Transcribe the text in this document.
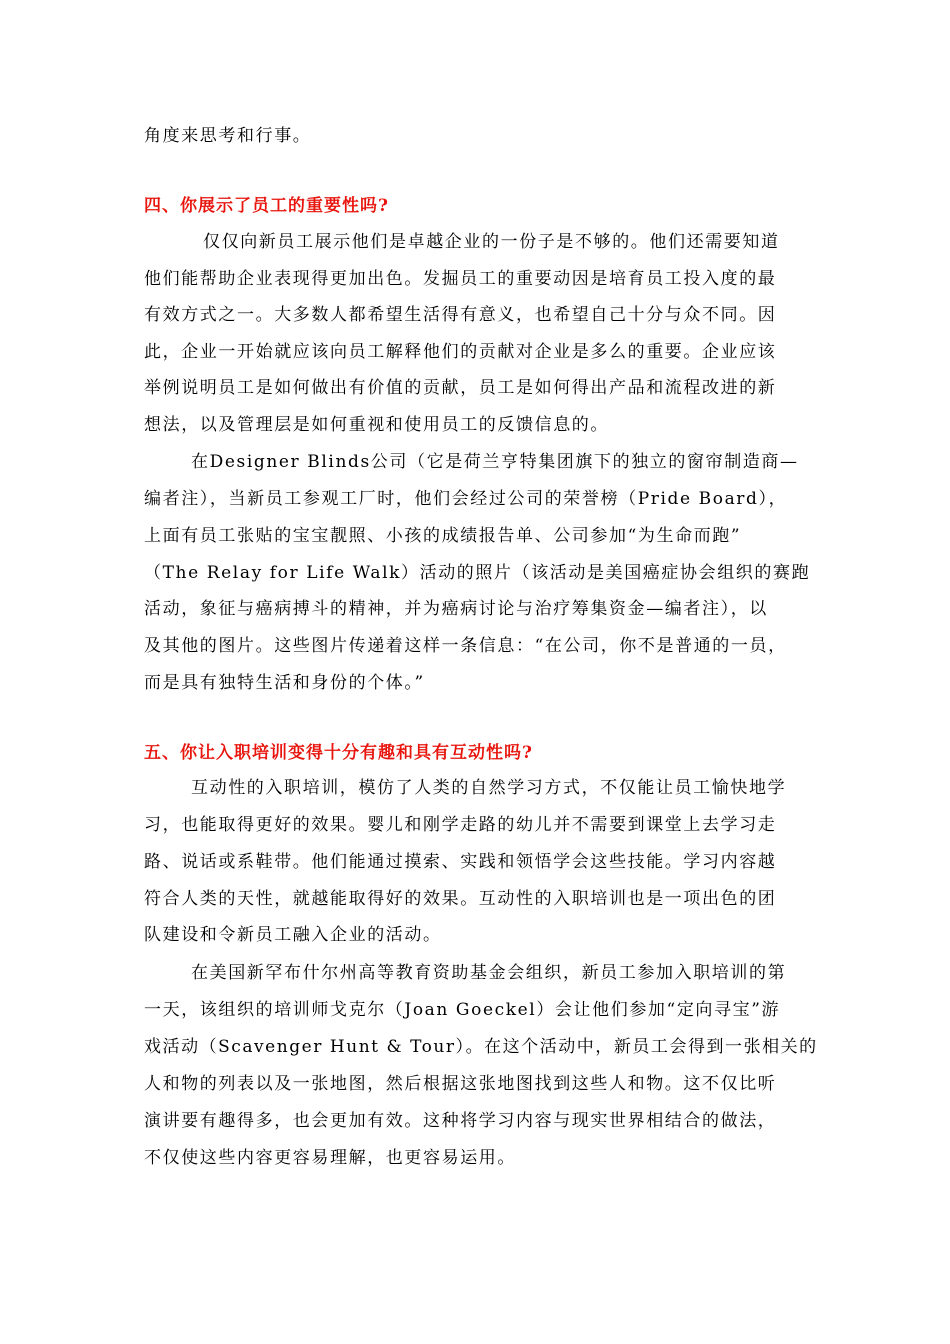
角度来思考和行事。

四、你展示了员工的重要性吗?

仅仅向新员工展示他们是卓越企业的一份子是不够的。他们还需要知道

他们能帮助企业表现得更加出色。发掘员工的重要动因是培育员工投入度的最

有效方式之一。大多数人都希望生活得有意义，也希望自己十分与众不同。因

此，企业一开始就应该向员工解释他们的贡献对企业是多么的重要。企业应该

举例说明员工是如何做出有价值的贡献，员工是如何得出产品和流程改进的新

想法，以及管理层是如何重视和使用员工的反馈信息的。

在Designer Blinds公司（它是荷兰亨特集团旗下的独立的窗帘制造商—

编者注），当新员工参观工厂时，他们会经过公司的荣誉榜（Pride Board），

上面有员工张贴的宝宝靓照、小孩的成绩报告单、公司参加“为生命而跑”

（The Relay for Life Walk）活动的照片（该活动是美国癌症协会组织的赛跑

活动，象征与癌病搏斗的精神，并为癌病讨论与治疗筹集资金—编者注），以

及其他的图片。这些图片传递着这样一条信息：“在公司，你不是普通的一员，

而是具有独特生活和身份的个体。”

五、你让入职培训变得十分有趣和具有互动性吗?

互动性的入职培训，模仿了人类的自然学习方式，不仅能让员工愉快地学

习，也能取得更好的效果。婴儿和刚学走路的幼儿并不需要到课堂上去学习走

路、说话或系鞋带。他们能通过摸索、实践和领悟学会这些技能。学习内容越

符合人类的天性，就越能取得好的效果。互动性的入职培训也是一项出色的团

队建设和令新员工融入企业的活动。

在美国新罕布什尔州高等教育资助基金会组织，新员工参加入职培训的第

一天，该组织的培训师戈克尔（Joan Goeckel）会让他们参加“定向寻宝”游

戏活动（Scavenger Hunt & Tour）。在这个活动中，新员工会得到一张相关的

人和物的列表以及一张地图，然后根据这张地图找到这些人和物。这不仅比听

演讲要有趣得多，也会更加有效。这种将学习内容与现实世界相结合的做法，

不仅使这些内容更容易理解，也更容易运用。
